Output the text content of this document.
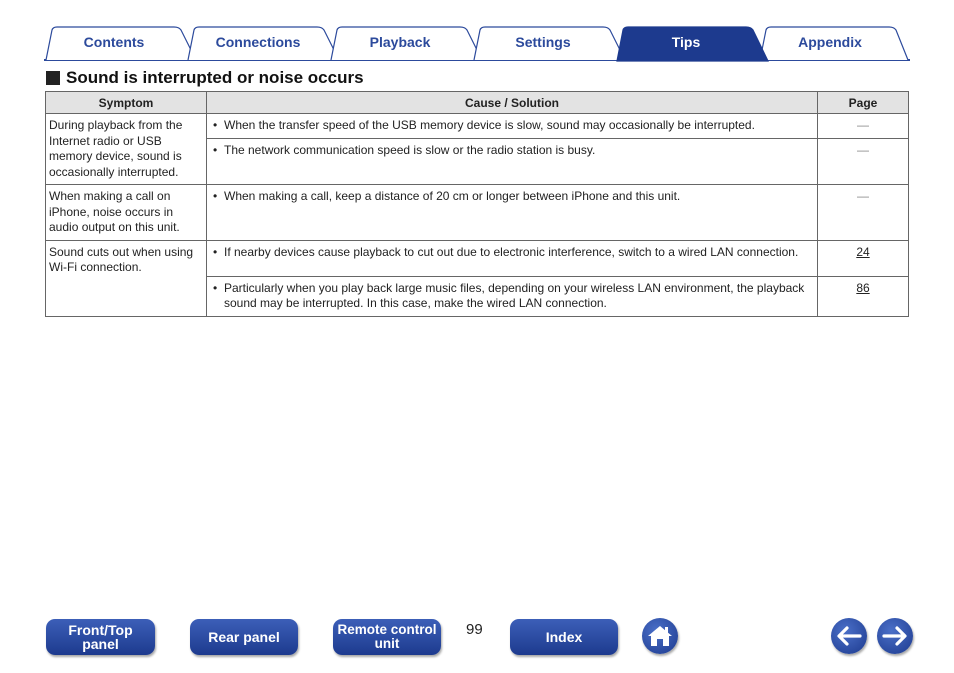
Contents	Connections	Playback	Settings	Tips	Appendix
Sound is interrupted or noise occurs
Symptom	Cause / Solution	Page
During playback from the Internet radio or USB memory device, sound is occasionally interrupted.	• When the transfer speed of the USB memory device is slow, sound may occasionally be interrupted.	—

	• The network communication speed is slow or the radio station is busy.	—
When making a call on iPhone, noise occurs in audio output on this unit.	• When making a call, keep a distance of 20 cm or longer between iPhone and this unit.	—
Sound cuts out when using Wi-Fi connection.	• If nearby devices cause playback to cut out due to electronic interference, switch to a wired LAN connection.	24

	• Particularly when you play back large music files, depending on your wireless LAN environment, the playback sound may be interrupted. In this case, make the wired LAN connection.	86
Front/Top
panel	Rear panel	Remote control
unit
99	Index
